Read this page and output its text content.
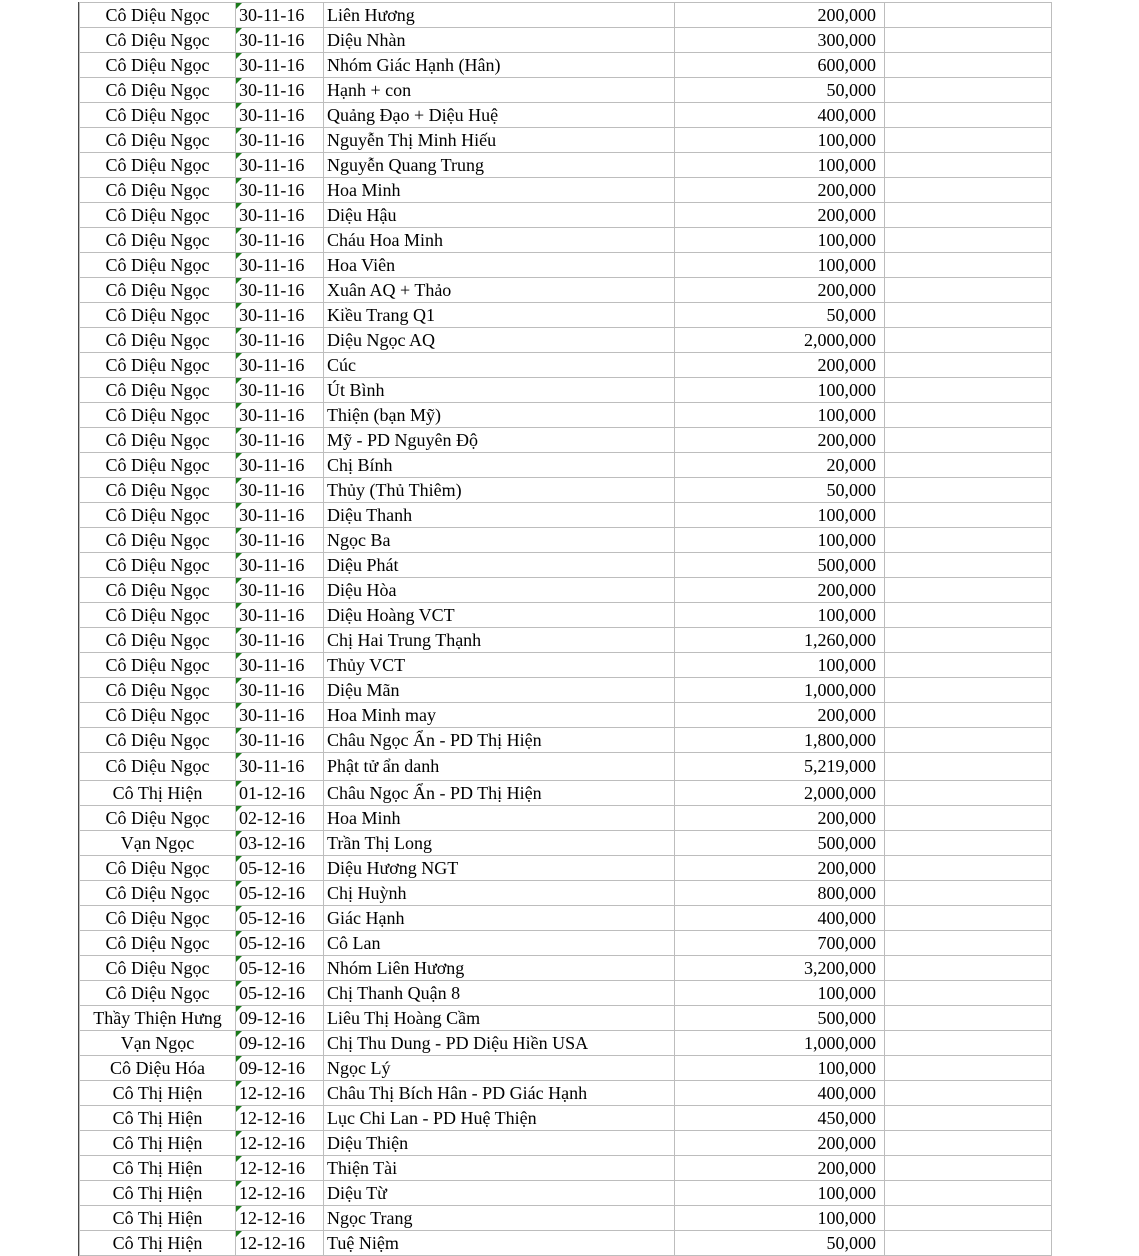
Cô Diệu Ngọc	30-11-16	Liên Hương	200,000	
Cô Diệu Ngọc	30-11-16	Diệu Nhàn	300,000	
Cô Diệu Ngọc	30-11-16	Nhóm Giác Hạnh (Hân)	600,000	
Cô Diệu Ngọc	30-11-16	Hạnh + con	50,000	
Cô Diệu Ngọc	30-11-16	Quảng Đạo + Diệu Huệ	400,000	
Cô Diệu Ngọc	30-11-16	Nguyễn Thị Minh Hiếu	100,000	
Cô Diệu Ngọc	30-11-16	Nguyễn Quang Trung	100,000	
Cô Diệu Ngọc	30-11-16	Hoa Minh	200,000	
Cô Diệu Ngọc	30-11-16	Diệu Hậu	200,000	
Cô Diệu Ngọc	30-11-16	Cháu Hoa Minh	100,000	
Cô Diệu Ngọc	30-11-16	Hoa Viên	100,000	
Cô Diệu Ngọc	30-11-16	Xuân AQ + Thảo	200,000	
Cô Diệu Ngọc	30-11-16	Kiều Trang Q1	50,000	
Cô Diệu Ngọc	30-11-16	Diệu Ngọc AQ	2,000,000	
Cô Diệu Ngọc	30-11-16	Cúc	200,000	
Cô Diệu Ngọc	30-11-16	Út Bình	100,000	
Cô Diệu Ngọc	30-11-16	Thiện (bạn Mỹ)	100,000	
Cô Diệu Ngọc	30-11-16	Mỹ - PD Nguyên Độ	200,000	
Cô Diệu Ngọc	30-11-16	Chị Bính	20,000	
Cô Diệu Ngọc	30-11-16	Thủy (Thủ Thiêm)	50,000	
Cô Diệu Ngọc	30-11-16	Diệu Thanh	100,000	
Cô Diệu Ngọc	30-11-16	Ngọc Ba	100,000	
Cô Diệu Ngọc	30-11-16	Diệu Phát	500,000	
Cô Diệu Ngọc	30-11-16	Diệu Hòa	200,000	
Cô Diệu Ngọc	30-11-16	Diệu Hoàng VCT	100,000	
Cô Diệu Ngọc	30-11-16	Chị Hai Trung Thạnh	1,260,000	
Cô Diệu Ngọc	30-11-16	Thủy VCT	100,000	
Cô Diệu Ngọc	30-11-16	Diệu Mãn	1,000,000	
Cô Diệu Ngọc	30-11-16	Hoa Minh may	200,000	
Cô Diệu Ngọc	30-11-16	Châu Ngọc Ẩn - PD Thị Hiện	1,800,000	
Cô Diệu Ngọc	30-11-16	Phật tử ẩn danh	5,219,000	
Cô Thị Hiện	01-12-16	Châu Ngọc Ẩn - PD Thị Hiện	2,000,000	
Cô Diệu Ngọc	02-12-16	Hoa Minh	200,000	
Vạn Ngọc	03-12-16	Trần Thị Long	500,000	
Cô Diệu Ngọc	05-12-16	Diệu Hương NGT	200,000	
Cô Diệu Ngọc	05-12-16	Chị Huỳnh	800,000	
Cô Diệu Ngọc	05-12-16	Giác Hạnh	400,000	
Cô Diệu Ngọc	05-12-16	Cô Lan	700,000	
Cô Diệu Ngọc	05-12-16	Nhóm Liên Hương	3,200,000	
Cô Diệu Ngọc	05-12-16	Chị Thanh Quận 8	100,000	
Thầy Thiện Hưng	09-12-16	Liêu Thị Hoàng Cầm	500,000	
Vạn Ngọc	09-12-16	Chị Thu Dung - PD Diệu Hiền USA	1,000,000	
Cô Diệu Hóa	09-12-16	Ngọc Lý	100,000	
Cô Thị Hiện	12-12-16	Châu Thị Bích Hân - PD Giác Hạnh	400,000	
Cô Thị Hiện	12-12-16	Lục Chi Lan - PD Huệ Thiện	450,000	
Cô Thị Hiện	12-12-16	Diệu Thiện	200,000	
Cô Thị Hiện	12-12-16	Thiện Tài	200,000	
Cô Thị Hiện	12-12-16	Diệu Từ	100,000	
Cô Thị Hiện	12-12-16	Ngọc Trang	100,000	
Cô Thị Hiện	12-12-16	Tuệ Niệm	50,000	
